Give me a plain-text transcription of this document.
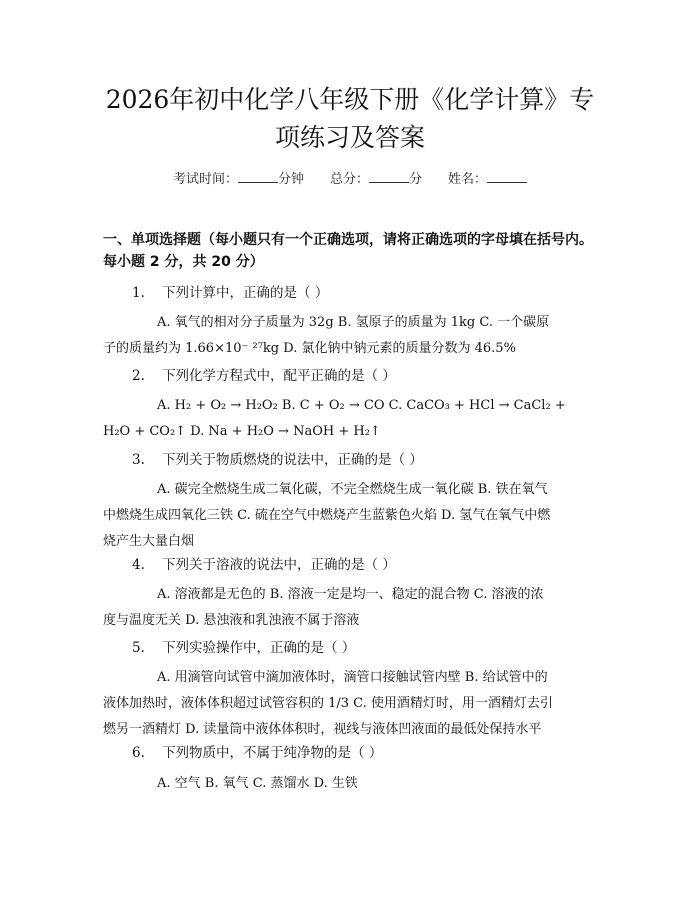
2026年初中化学八年级下册《化学计算》专
项练习及答案
考试时间：	分钟 总分：	分 姓名：
一、单项选择题（每小题只有一个正确选项，请将正确选项的字母填在括号内。
每小题 2 分，共 20 分）
1. 下列计算中，正确的是（ ）
A. 氧气的相对分子质量为 32g B. 氢原子的质量为 1kg C. 一个碳原
子的质量约为 1.66×10⁻ ²⁷kg D. 氯化钠中钠元素的质量分数为 46.5%
2. 下列化学方程式中，配平正确的是（ ）
A. H₂ + O₂ → H₂O₂ B. C + O₂ → CO C. CaCO₃ + HCl → CaCl₂ +
H₂O + CO₂↑ D. Na + H₂O → NaOH + H₂↑
3. 下列关于物质燃烧的说法中，正确的是（ ）
A. 碳完全燃烧生成二氧化碳，不完全燃烧生成一氧化碳 B. 铁在氧气
中燃烧生成四氧化三铁 C. 硫在空气中燃烧产生蓝紫色火焰 D. 氢气在氧气中燃
烧产生大量白烟
4. 下列关于溶液的说法中，正确的是（ ）
A. 溶液都是无色的 B. 溶液一定是均一、稳定的混合物 C. 溶液的浓
度与温度无关 D. 悬浊液和乳浊液不属于溶液
5. 下列实验操作中，正确的是（ ）
A. 用滴管向试管中滴加液体时，滴管口接触试管内壁 B. 给试管中的
液体加热时，液体体积超过试管容积的 1/3 C. 使用酒精灯时，用一酒精灯去引
燃另一酒精灯 D. 读量筒中液体体积时，视线与液体凹液面的最低处保持水平
6. 下列物质中，不属于纯净物的是（ ）
A. 空气 B. 氧气 C. 蒸馏水 D. 生铁
